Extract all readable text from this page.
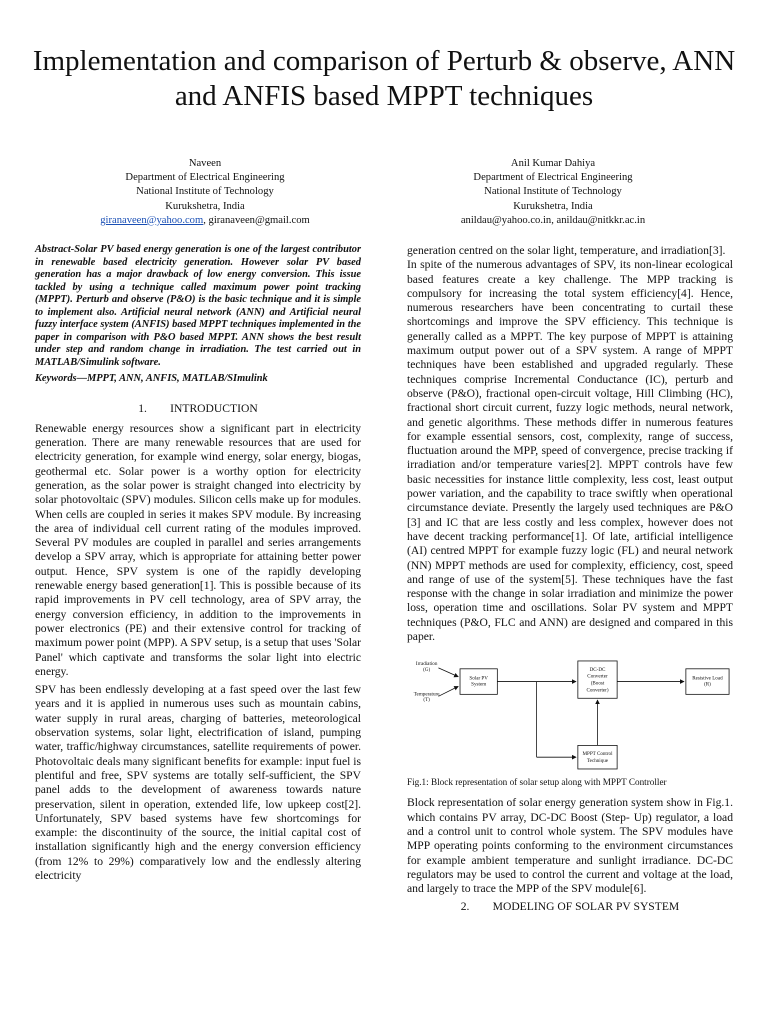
Implementation and comparison of Perturb & observe, ANN and ANFIS based MPPT techniques
Naveen
Department of Electrical Engineering
National Institute of Technology
Kurukshetra, India
giranaveen@yahoo.com, giranaveen@gmail.com
Anil Kumar Dahiya
Department of Electrical Engineering
National Institute of Technology
Kurukshetra, India
anildau@yahoo.co.in, anildau@nitkkr.ac.in

Abstract-Solar PV based energy generation is one of the largest contributor in renewable based electricity generation. However solar PV based generation has a major drawback of low energy conversion. This issue tackled by using a technique called maximum power point tracking (MPPT). Perturb and observe (P&O) is the basic technique and it is simple to implement also. Artificial neural network (ANN) and Artificial neural fuzzy interface system (ANFIS) based MPPT techniques implemented in the paper in comparison with P&O based MPPT. ANN shows the best result under step and random change in irradiation. The test carried out in MATLAB/Simulink software.

Keywords—MPPT, ANN, ANFIS, MATLAB/SImulink

1.  INTRODUCTION

Renewable energy resources show a significant part in electricity generation. There are many renewable resources that are used for electricity generation, for example wind energy, solar energy, biogas, geothermal etc. Solar power is a worthy option for electricity generation, as the solar power is straight changed into electricity by solar photovoltaic (SPV) modules. Silicon cells make up for modules. When cells are coupled in series it makes SPV module. By increasing the area of individual cell current rating of the modules improved. Several PV modules are coupled in parallel and series arrangements develop a SPV array, which is appropriate for attaining better power output. Hence, SPV system is one of the rapidly developing renewable energy based generation[1]. This is possible because of its rapid improvements in PV cell technology, area of SPV array, the energy conversion efficiency, in addition to the improvements in power electronics (PE) and their extensive control for tracking of maximum power point (MPP). A SPV setup, is a setup that uses 'Solar Panel' which captivate and transforms the solar light into electric energy.

SPV has been endlessly developing at a fast speed over the last few years and it is applied in numerous uses such as mountain cabins, water supply in rural areas, charging of batteries, meteorological observation systems, solar light, electrification of island, pumping water, traffic/highway circumstances, satellite requirements of power. Photovoltaic deals many significant benefits for example: input fuel is plentiful and free, SPV systems are totally self-sufficient, the SPV panel adds to the development of awareness towards nature preservation, silent in operation, extended life, low upkeep cost[2]. Unfortunately, SPV based systems have few shortcomings for example: the discontinuity of the source, the initial capital cost of installation significantly high and the energy conversion efficiency (from 12% to 29%) comparatively low and the endlessly altering electricity

generation centred on the solar light, temperature, and irradiation[3].

In spite of the numerous advantages of SPV, its non-linear ecological based features create a key challenge. The MPP tracking is compulsory for increasing the total system efficiency[4]. Hence, numerous researchers have been concentrating to curtail these shortcomings and improve the SPV efficiency. This technique is generally called as a MPPT. The key purpose of MPPT is attaining maximum output power out of a SPV system. A range of MPPT techniques have been established and upgraded regularly. These techniques comprise Incremental Conductance (IC), perturb and observe (P&O), fractional open-circuit voltage, Hill Climbing (HC), fractional short circuit current, fuzzy logic methods, neural network, and genetic algorithms. These methods differ in numerous features for example essential sensors, cost, complexity, range of success, fluctuation around the MPP, speed of convergence, precise tracking if irradiation and/or temperature varies[2]. MPPT controls have few basic necessities for instance little complexity, less cost, least output power variation, and the capability to trace swiftly when operational circumstance deviate. Presently the largely used techniques are P&O [3] and IC that are less costly and less complex, however does not have decent tracking performance[1]. Of late, artificial intelligence (AI) centred MPPT for example fuzzy logic (FL) and neural network (NN) MPPT methods are used for complexity, efficiency, cost, speed and range of use of the system[5]. These techniques have the fast response with the change in solar irradiation and minimize the power loss, operation time and oscillations. Solar PV system and MPPT techniques (P&O, FLC and ANN) are designed and compared in this paper.

Irradiation
(G)
Temperature
(T)
Solar PV
System
DC-DC
Converter
(Boost
Converter)
Resistive Load
(R)
MPPT Control
Technique
Fig.1: Block representation of solar setup along with MPPT Controller

Block representation of solar energy generation system show in Fig.1. which contains PV array, DC-DC Boost (Step- Up) regulator, a load and a control unit to control whole system. The SPV modules have MPP operating points conforming to the environment circumstances for example ambient temperature and sunlight irradiance. DC-DC regulators may be used to control the current and voltage at the load, and largely to trace the MPP of the SPV module[6].

2.  MODELING OF SOLAR PV SYSTEM
